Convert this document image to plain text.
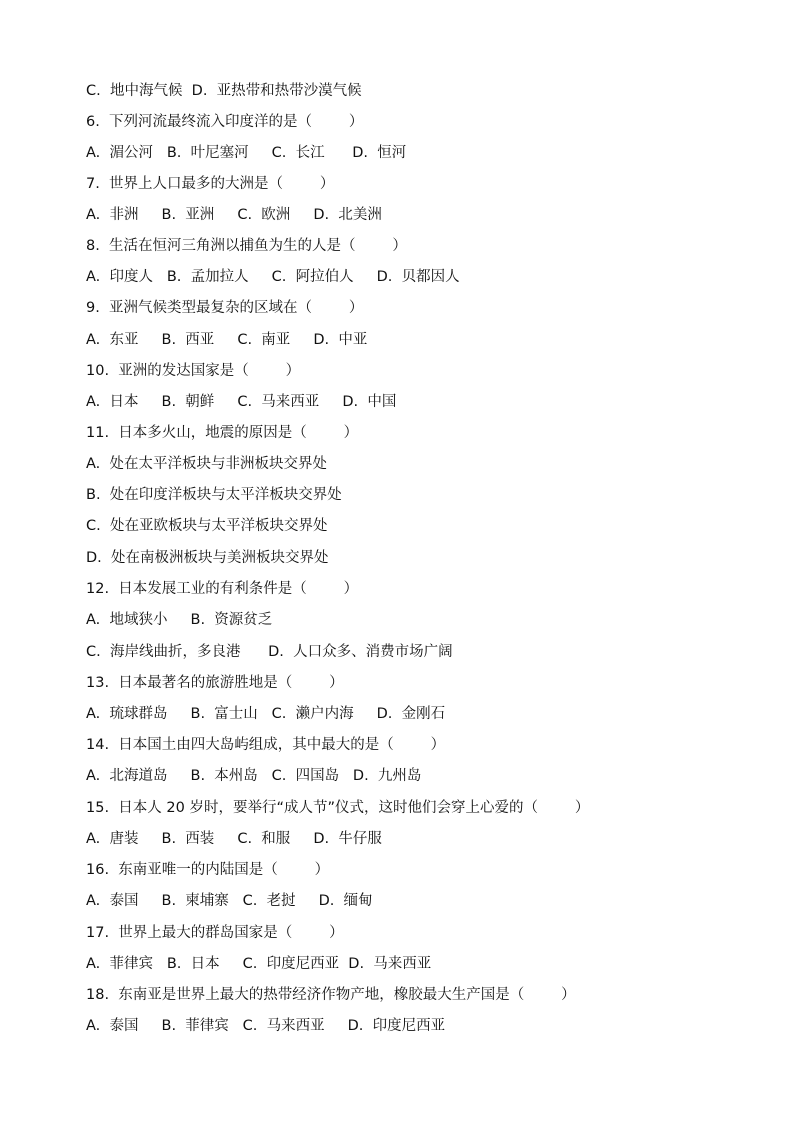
C.  地中海气候  D.  亚热带和热带沙漠气候
6.  下列河流最终流入印度洋的是（        ）
A.  湄公河   B.  叶尼塞河     C.  长江      D.  恒河
7.  世界上人口最多的大洲是（        ）
A.  非洲     B.  亚洲     C.  欧洲     D.  北美洲
8.  生活在恒河三角洲以捕鱼为生的人是（        ）
A.  印度人   B.  孟加拉人     C.  阿拉伯人     D.  贝都因人
9.  亚洲气候类型最复杂的区域在（        ）
A.  东亚     B.  西亚     C.  南亚     D.  中亚
10.  亚洲的发达国家是（        ）
A.  日本     B.  朝鲜     C.  马来西亚     D.  中国
11.  日本多火山，地震的原因是（        ）
A.  处在太平洋板块与非洲板块交界处
B.  处在印度洋板块与太平洋板块交界处
C.  处在亚欧板块与太平洋板块交界处
D.  处在南极洲板块与美洲板块交界处
12.  日本发展工业的有利条件是（        ）
A.  地域狭小     B.  资源贫乏
C.  海岸线曲折，多良港      D.  人口众多、消费市场广阔
13.  日本最著名的旅游胜地是（        ）
A.  琉球群岛     B.  富士山   C.  濑户内海     D.  金刚石
14.  日本国土由四大岛屿组成，其中最大的是（        ）
A.  北海道岛     B.  本州岛   C.  四国岛   D.  九州岛
15.  日本人 20 岁时，要举行“成人节”仪式，这时他们会穿上心爱的（        ）
A.  唐装     B.  西装     C.  和服     D.  牛仔服
16.  东南亚唯一的内陆国是（        ）
A.  泰国     B.  柬埔寨   C.  老挝     D.  缅甸
17.  世界上最大的群岛国家是（        ）
A.  菲律宾   B.  日本     C.  印度尼西亚  D.  马来西亚
18.  东南亚是世界上最大的热带经济作物产地，橡胶最大生产国是（        ）
A.  泰国     B.  菲律宾   C.  马来西亚     D.  印度尼西亚
